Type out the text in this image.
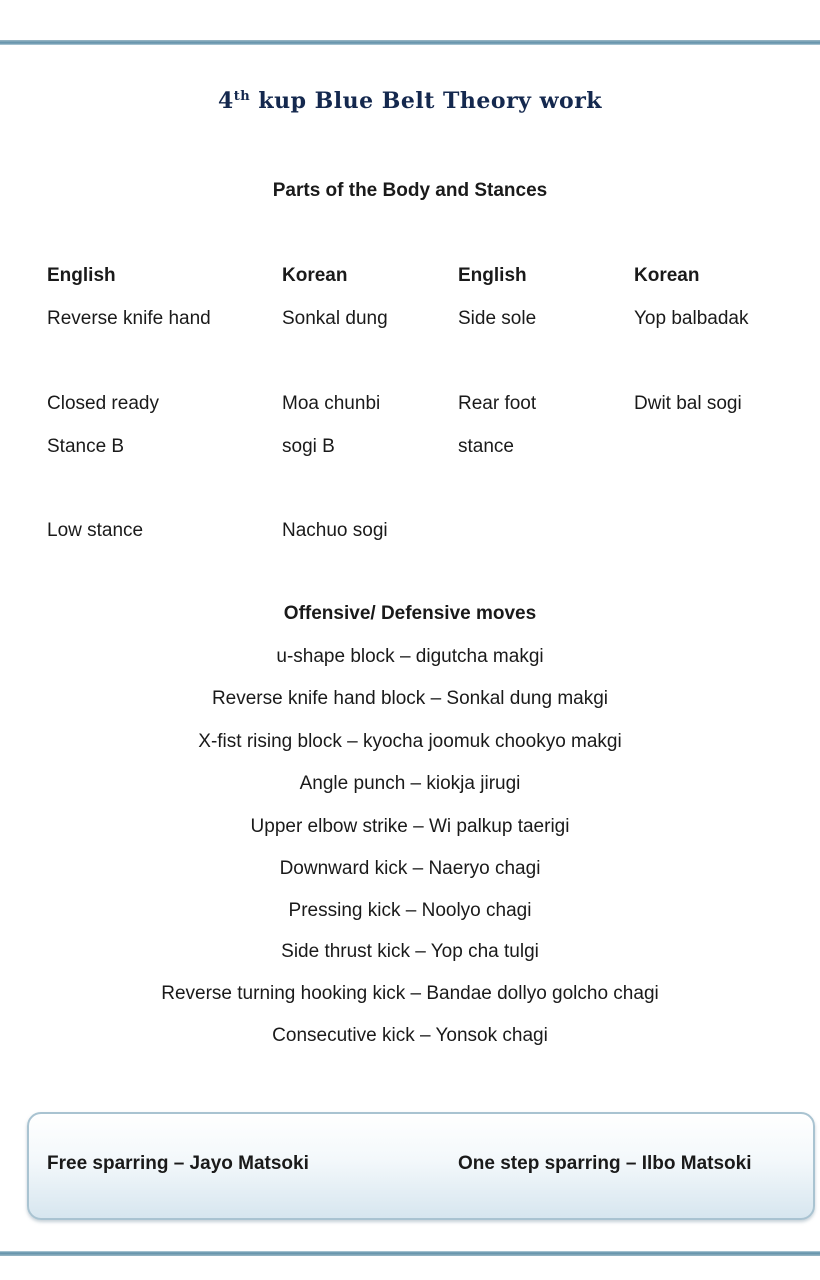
4th kup Blue Belt Theory work
Parts of the Body and Stances
English	Korean	English	Korean
Reverse knife hand	Sonkal dung	Side sole	Yop balbadak
Closed ready	Moa chunbi	Rear foot	Dwit bal sogi
Stance B	sogi B	stance
Low stance	Nachuo sogi
Offensive/ Defensive moves
u-shape block – digutcha makgi
Reverse knife hand block – Sonkal dung makgi
X-fist rising block – kyocha joomuk chookyo makgi
Angle punch – kiokja jirugi
Upper elbow strike – Wi palkup taerigi
Downward kick – Naeryo chagi
Pressing kick – Noolyo chagi
Side thrust kick – Yop cha tulgi
Reverse turning hooking kick – Bandae dollyo golcho chagi
Consecutive kick – Yonsok chagi
Free sparring – Jayo Matsoki	One step sparring – Ilbo Matsoki
